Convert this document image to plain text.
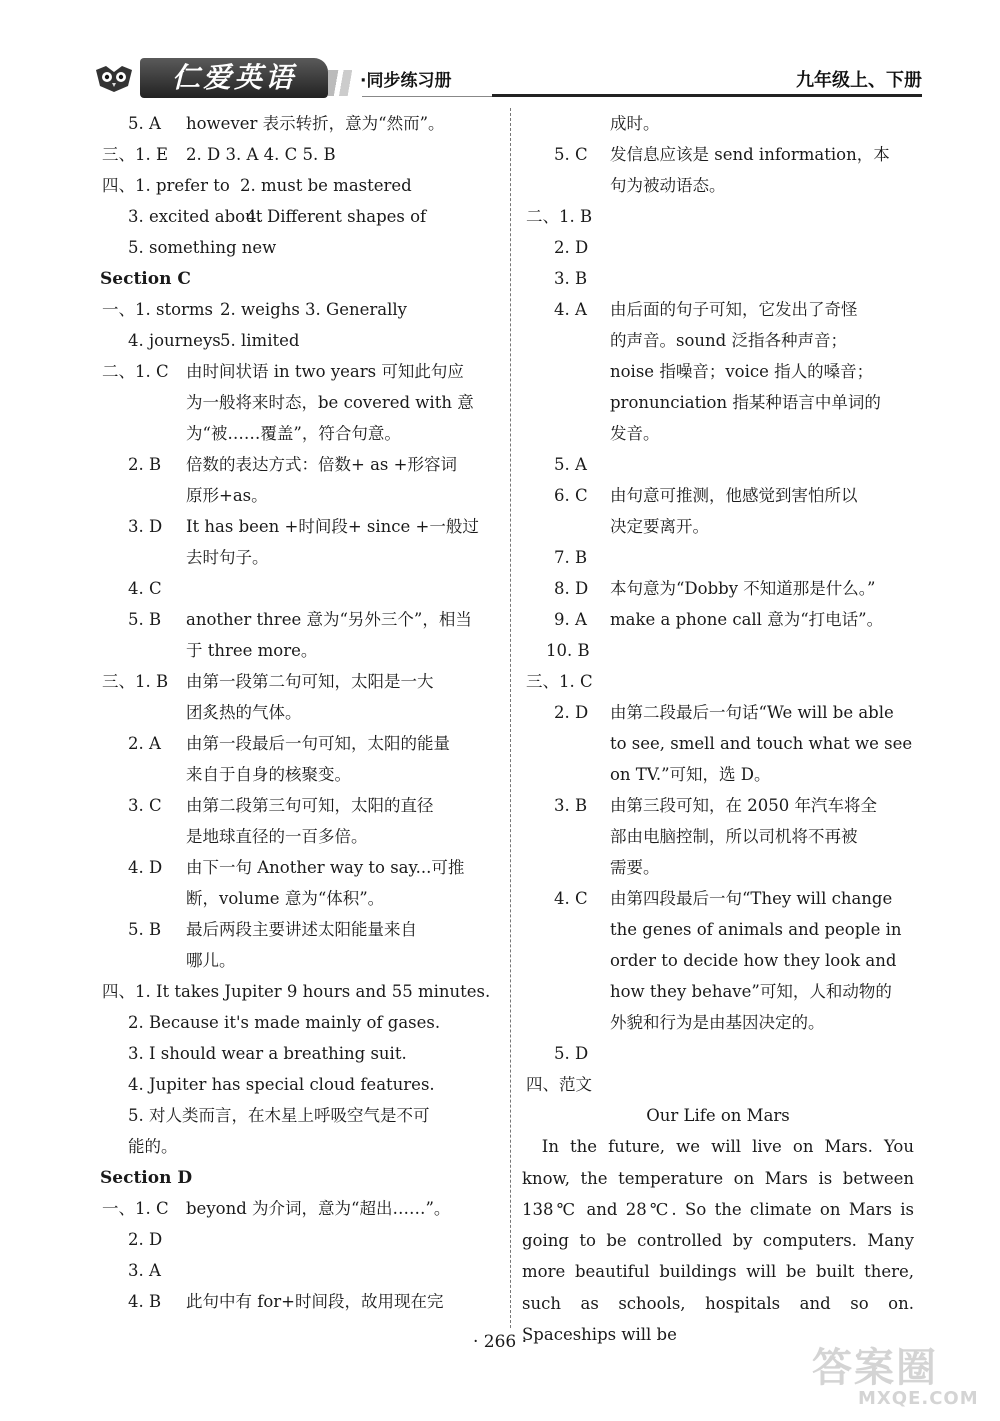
仁爱英语	·同步练习册	九年级上、下册
5. A however 表示转折，意为“然而”。
三、1. E 2. D 3. A 4. C 5. B
四、1. prefer to 2. must be mastered
3. excited about
4. Different shapes of
5. something new
Section C
一、1. storms 2. weighs 3. Generally
4. journeys 5. limited
二、1. C 由时间状语 in two years 可知此句应
为一般将来时态，be covered with 意
为“被……覆盖”，符合句意。
2. B 倍数的表达方式：倍数+ as +形容词
原形+as。
3. D It has been +时间段+ since +一般过
去时句子。
4. C
5. B another three 意为“另外三个”，相当
于 three more。
三、1. B 由第一段第二句可知，太阳是一大
团炙热的气体。
2. A 由第一段最后一句可知，太阳的能量
来自于自身的核聚变。
3. C 由第二段第三句可知，太阳的直径
是地球直径的一百多倍。
4. D 由下一句 Another way to say...可推
断，volume 意为“体积”。
5. B 最后两段主要讲述太阳能量来自
哪儿。
四、1. It takes Jupiter 9 hours and 55 minutes.
2. Because it's made mainly of gases.
3. I should wear a breathing suit.
4. Jupiter has special cloud features.
5. 对人类而言，在木星上呼吸空气是不可
能的。
Section D
一、1. C beyond 为介词，意为“超出……”。
2. D
3. A
4. B 此句中有 for+时间段，故用现在完
成时。
5. C 发信息应该是 send information，本
句为被动语态。
二、1. B
2. D
3. B
4. A 由后面的句子可知，它发出了奇怪
的声音。sound 泛指各种声音；
noise 指噪音；voice 指人的嗓音；
pronunciation 指某种语言中单词的
发音。
5. A
6. C 由句意可推测，他感觉到害怕所以
决定要离开。
7. B
8. D 本句意为“Dobby 不知道那是什么。”
9. A make a phone call 意为“打电话”。
10. B
三、1. C
2. D 由第二段最后一句话“We will be able
to see, smell and touch what we see
on TV.”可知，选 D。
3. B 由第三段可知，在 2050 年汽车将全
部由电脑控制，所以司机将不再被
需要。
4. C 由第四段最后一句“They will change
the genes of animals and people in
order to decide how they look and
how they behave”可知，人和动物的
外貌和行为是由基因决定的。
5. D
四、范文
Our Life on Mars
In the future, we will live on Mars. You know, the temperature on Mars is between 138℃ and 28℃. So the climate on Mars is going to be controlled by computers. Many more beautiful buildings will be built there, such as schools, hospitals and so on. Spaceships will be
· 266 ·
答案圈
MXQE.COM
